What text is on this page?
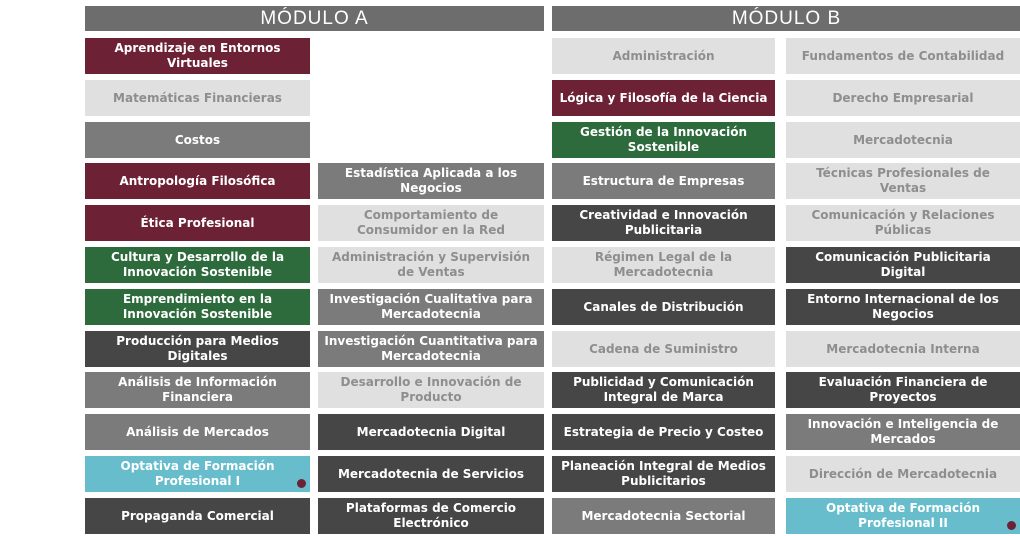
MÓDULO A	MÓDULO B
Aprendizaje en Entornos Virtuales
Matemáticas Financieras
Costos
Antropología Filosófica
Ética Profesional
Cultura y Desarrollo de la Innovación Sostenible
Emprendimiento en la Innovación Sostenible
Producción para Medios Digitales
Análisis de Información Financiera
Análisis de Mercados
Optativa de Formación Profesional I
Propaganda Comercial
Estadística Aplicada a los Negocios
Comportamiento de Consumidor en la Red
Administración y Supervisión de Ventas
Investigación Cualitativa para Mercadotecnia
Investigación Cuantitativa para Mercadotecnia
Desarrollo e Innovación de Producto
Mercadotecnia Digital
Mercadotecnia de Servicios
Plataformas de Comercio Electrónico
Administración
Lógica y Filosofía de la Ciencia
Gestión de la Innovación Sostenible
Estructura de Empresas
Creatividad e Innovación Publicitaria
Régimen Legal de la Mercadotecnia
Canales de Distribución
Cadena de Suministro
Publicidad y Comunicación Integral de Marca
Estrategia de Precio y Costeo
Planeación Integral de Medios Publicitarios
Mercadotecnia Sectorial
Fundamentos de Contabilidad
Derecho Empresarial
Mercadotecnia
Técnicas Profesionales de Ventas
Comunicación y Relaciones Públicas
Comunicación Publicitaria Digital
Entorno Internacional de los Negocios
Mercadotecnia Interna
Evaluación Financiera de Proyectos
Innovación e Inteligencia de Mercados
Dirección de Mercadotecnia
Optativa de Formación Profesional II
